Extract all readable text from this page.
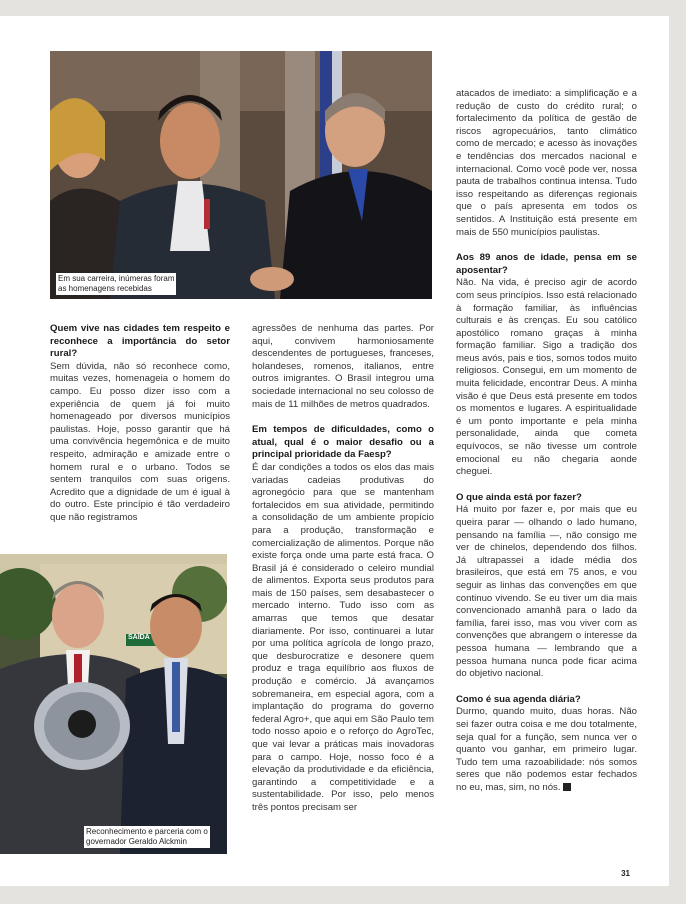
Em sua carreira, inúmeras foram
as homenagens recebidas
SAÍDA
Reconhecimento e parceria com o
governador Geraldo Alckmin

Quem vive nas cidades tem respeito e reconhece a importância do setor rural?

Sem dúvida, não só reconhece como, muitas vezes, homenageia o homem do campo. Eu posso dizer isso com a experiência de quem já foi muito homenageado por diversos municípios paulistas. Hoje, posso garantir que há uma convivência hegemônica e de muito respeito, admiração e amizade entre o homem rural e o urbano. Todos se sentem tranquilos com suas origens. Acredito que a dignidade de um é igual à do outro. Este princípio é tão verdadeiro que não registramos

agressões de nenhuma das partes. Por aqui, convivem harmoniosamente descendentes de portugueses, franceses, holandeses, romenos, italianos, entre outros imigrantes. O Brasil integrou uma sociedade internacional no seu colosso de mais de 11 milhões de metros quadrados.

Em tempos de dificuldades, como o atual, qual é o maior desafio ou a principal prioridade da Faesp?

É dar condições a todos os elos das mais variadas cadeias produtivas do agronegócio para que se mantenham fortalecidos em sua atividade, permitindo a consolidação de um ambiente propício para a produção, transformação e comercialização de alimentos. Porque não existe força onde uma parte está fraca. O Brasil já é considerado o celeiro mundial de alimentos. Exporta seus produtos para mais de 150 países, sem desabastecer o mercado interno. Tudo isso com as amarras que temos que desatar diariamente. Por isso, continuarei a lutar por uma política agrícola de longo prazo, que desburocratize e desonere quem produz e traga equilíbrio aos fluxos de produção e comércio. Já avançamos sobremaneira, em especial agora, com a implantação do programa do governo federal Agro+, que aqui em São Paulo tem todo nosso apoio e o reforço do AgroTec, que vai levar a práticas mais inovadoras para o campo. Hoje, nosso foco é a elevação da produtividade e da eficiência, garantindo a competitividade e a sustentabilidade. Por isso, pelo menos três pontos precisam ser

atacados de imediato: a simplificação e a redução de custo do crédito rural; o fortalecimento da política de gestão de riscos agropecuários, tanto climático como de mercado; e acesso às inovações e tendências dos mercados nacional e internacional. Como você pode ver, nossa pauta de trabalhos continua intensa. Tudo isso respeitando as diferenças regionais que o país apresenta em todos os sentidos. A Instituição está presente em mais de 550 municípios paulistas.

Aos 89 anos de idade, pensa em se aposentar?

Não. Na vida, é preciso agir de acordo com seus princípios. Isso está relacionado à formação familiar, às influências culturais e às crenças. Eu sou católico apostólico romano graças à minha formação familiar. Sigo a tradição dos meus avós, pais e tios, somos todos muito religiosos. Consegui, em um momento de muita felicidade, encontrar Deus. A minha visão é que Deus está presente em todos os momentos e lugares. A espiritualidade é um ponto importante e pela minha personalidade, ainda que cometa equívocos, se não tivesse um controle emocional eu não chegaria aonde cheguei.

O que ainda está por fazer?

Há muito por fazer e, por mais que eu queira parar — olhando o lado humano, pensando na família —, não consigo me ver de chinelos, dependendo dos filhos. Já ultrapassei a idade média dos brasileiros, que está em 75 anos, e vou seguir as linhas das convenções em que continuo vivendo. Se eu tiver um dia mais convencionado amanhã para o lado da família, farei isso, mas vou viver com as convenções que abrangem o interesse da pessoa humana — lembrando que a pessoa humana nunca pode ficar acima do objetivo nacional.

Como é sua agenda diária?

Durmo, quando muito, duas horas. Não sei fazer outra coisa e me dou totalmente, seja qual for a função, sem nunca ver o quanto vou ganhar, em primeiro lugar. Tudo tem uma razoabilidade: nós somos seres que não podemos estar fechados no eu, mas, sim, no nós.

31
